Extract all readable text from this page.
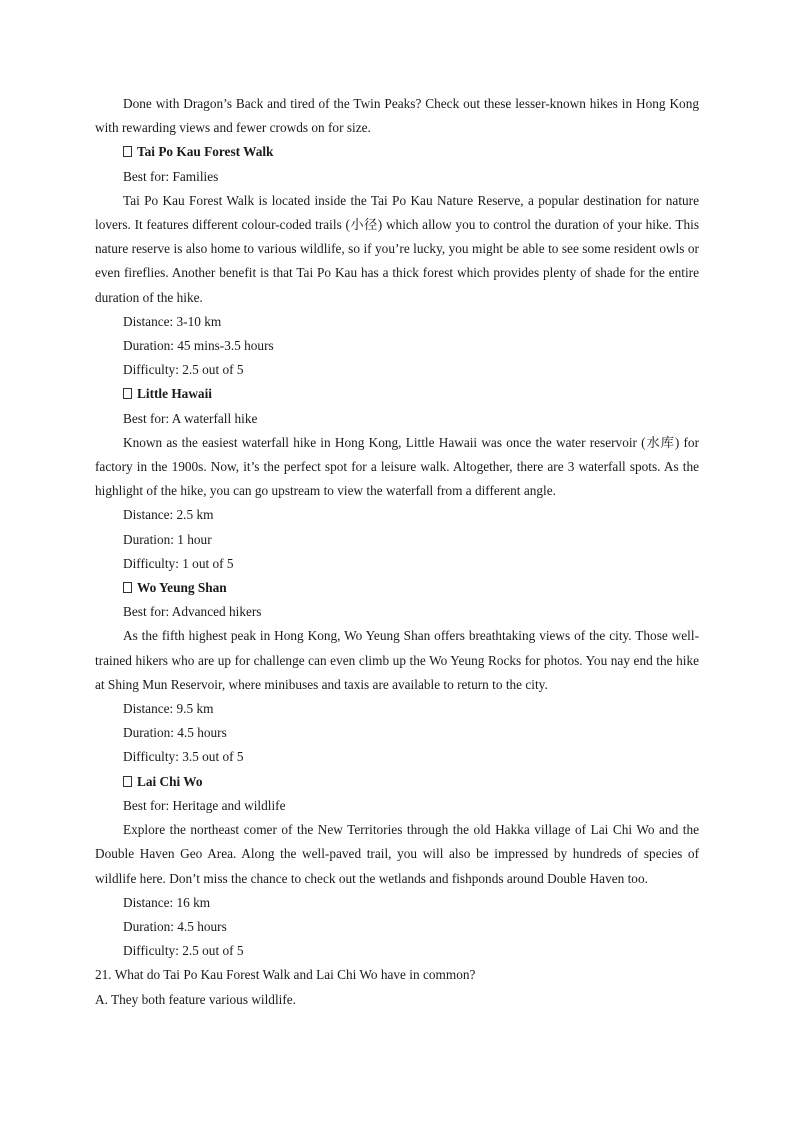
Done with Dragon’s Back and tired of the Twin Peaks? Check out these lesser-known hikes in Hong Kong with rewarding views and fewer crowds on for size.

Tai Po Kau Forest Walk

Best for: Families

Tai Po Kau Forest Walk is located inside the Tai Po Kau Nature Reserve, a popular destination for nature lovers. It features different colour-coded trails (小径) which allow you to control the duration of your hike. This nature reserve is also home to various wildlife, so if you’re lucky, you might be able to see some resident owls or even fireflies. Another benefit is that Tai Po Kau has a thick forest which provides plenty of shade for the entire duration of the hike.

Distance: 3-10 km

Duration: 45 mins-3.5 hours

Difficulty: 2.5 out of 5

Little Hawaii

Best for: A waterfall hike

Known as the easiest waterfall hike in Hong Kong, Little Hawaii was once the water reservoir (水库) for factory in the 1900s. Now, it’s the perfect spot for a leisure walk. Altogether, there are 3 waterfall spots. As the highlight of the hike, you can go upstream to view the waterfall from a different angle.

Distance: 2.5 km

Duration: 1 hour

Difficulty: 1 out of 5

Wo Yeung Shan

Best for: Advanced hikers

As the fifth highest peak in Hong Kong, Wo Yeung Shan offers breathtaking views of the city. Those well-trained hikers who are up for challenge can even climb up the Wo Yeung Rocks for photos. You nay end the hike at Shing Mun Reservoir, where minibuses and taxis are available to return to the city.

Distance: 9.5 km

Duration: 4.5 hours

Difficulty: 3.5 out of 5

Lai Chi Wo

Best for: Heritage and wildlife

Explore the northeast comer of the New Territories through the old Hakka village of Lai Chi Wo and the Double Haven Geo Area. Along the well-paved trail, you will also be impressed by hundreds of species of wildlife here. Don’t miss the chance to check out the wetlands and fishponds around Double Haven too.

Distance: 16 km

Duration: 4.5 hours

Difficulty: 2.5 out of 5

21. What do Tai Po Kau Forest Walk and Lai Chi Wo have in common?

A. They both feature various wildlife.
